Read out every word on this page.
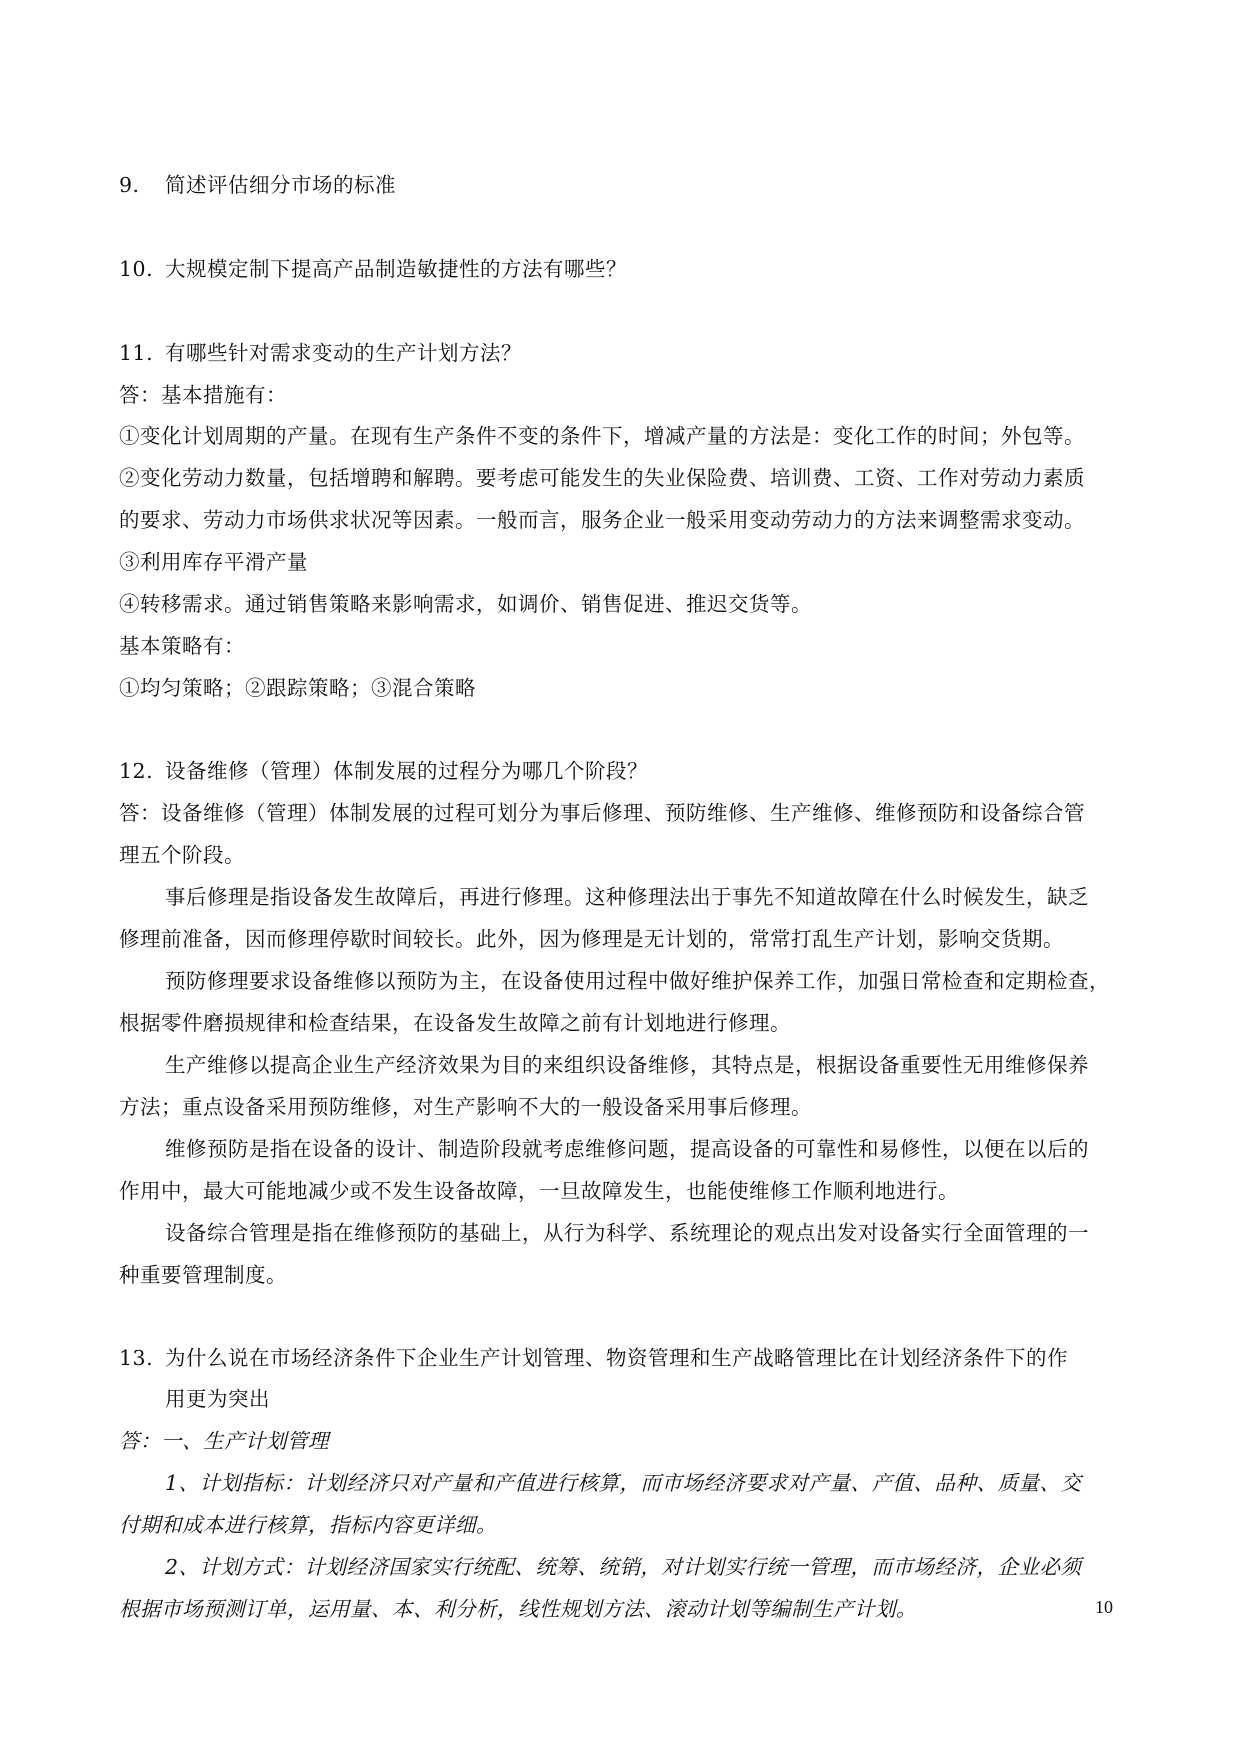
9. 简述评估细分市场的标准
10. 大规模定制下提高产品制造敏捷性的方法有哪些？
11. 有哪些针对需求变动的生产计划方法？
答：基本措施有：
①变化计划周期的产量。在现有生产条件不变的条件下，增减产量的方法是：变化工作的时间；外包等。
②变化劳动力数量，包括增聘和解聘。要考虑可能发生的失业保险费、培训费、工资、工作对劳动力素质
的要求、劳动力市场供求状况等因素。一般而言，服务企业一般采用变动劳动力的方法来调整需求变动。
③利用库存平滑产量
④转移需求。通过销售策略来影响需求，如调价、销售促进、推迟交货等。
基本策略有：
①均匀策略；②跟踪策略；③混合策略
12. 设备维修（管理）体制发展的过程分为哪几个阶段？
答：设备维修（管理）体制发展的过程可划分为事后修理、预防维修、生产维修、维修预防和设备综合管
理五个阶段。
事后修理是指设备发生故障后，再进行修理。这种修理法出于事先不知道故障在什么时候发生，缺乏
修理前准备，因而修理停歇时间较长。此外，因为修理是无计划的，常常打乱生产计划，影响交货期。
预防修理要求设备维修以预防为主，在设备使用过程中做好维护保养工作，加强日常检查和定期检查，
根据零件磨损规律和检查结果，在设备发生故障之前有计划地进行修理。
生产维修以提高企业生产经济效果为目的来组织设备维修，其特点是，根据设备重要性无用维修保养
方法；重点设备采用预防维修，对生产影响不大的一般设备采用事后修理。
维修预防是指在设备的设计、制造阶段就考虑维修问题，提高设备的可靠性和易修性，以便在以后的
作用中，最大可能地减少或不发生设备故障，一旦故障发生，也能使维修工作顺利地进行。
设备综合管理是指在维修预防的基础上，从行为科学、系统理论的观点出发对设备实行全面管理的一
种重要管理制度。
13. 为什么说在市场经济条件下企业生产计划管理、物资管理和生产战略管理比在计划经济条件下的作
用更为突出
答：一、生产计划管理
1、计划指标：计划经济只对产量和产值进行核算，而市场经济要求对产量、产值、品种、质量、交
付期和成本进行核算，指标内容更详细。
2、计划方式：计划经济国家实行统配、统筹、统销，对计划实行统一管理，而市场经济，企业必须
根据市场预测订单，运用量、本、利分析，线性规划方法、滚动计划等编制生产计划。	10
